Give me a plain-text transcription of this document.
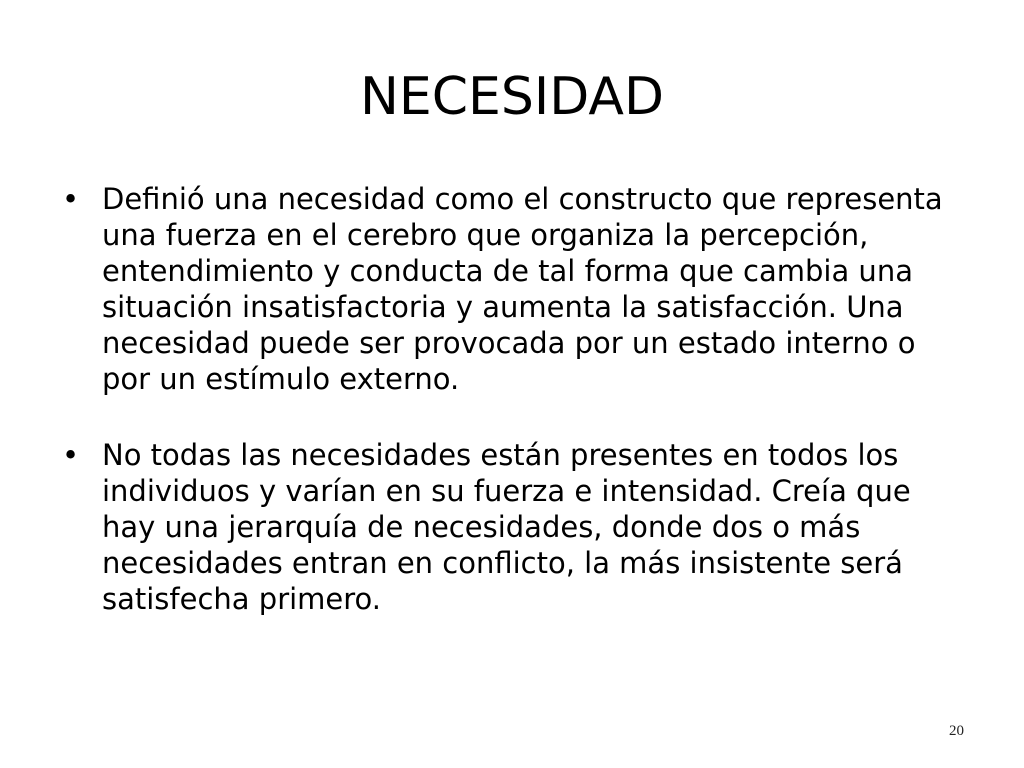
NECESIDAD
• Definió una necesidad como el constructo que representa una fuerza en el cerebro que organiza la percepción, entendimiento y conducta de tal forma que cambia una situación insatisfactoria y aumenta la satisfacción. Una necesidad puede ser provocada por un estado interno o por un estímulo externo.
• No todas las necesidades están presentes en todos los individuos y varían en su fuerza e intensidad. Creía que hay una jerarquía de necesidades, donde dos o más necesidades entran en conflicto, la más insistente será satisfecha primero.
20
